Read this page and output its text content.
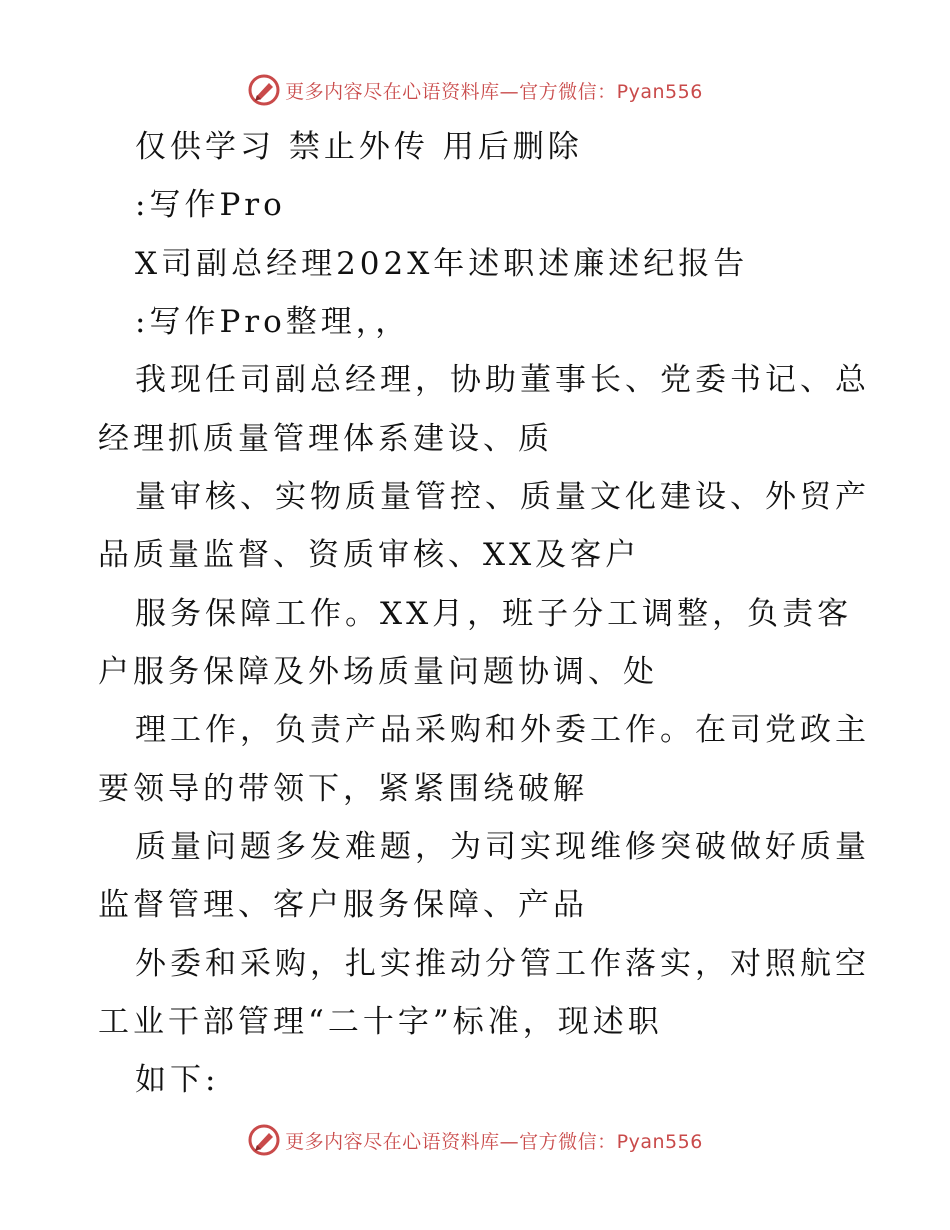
更多内容尽在心语资料库—官方微信：Pyan556
仅供学习 禁止外传 用后删除
:写作Pro
X司副总经理202X年述职述廉述纪报告
:写作Pro整理，，
我现任司副总经理，协助董事长、党委书记、总
经理抓质量管理体系建设、质
量审核、实物质量管控、质量文化建设、外贸产
品质量监督、资质审核、XX及客户
服务保障工作。XX月，班子分工调整，负责客
户服务保障及外场质量问题协调、处
理工作，负责产品采购和外委工作。在司党政主
要领导的带领下，紧紧围绕破解
质量问题多发难题，为司实现维修突破做好质量
监督管理、客户服务保障、产品
外委和采购，扎实推动分管工作落实，对照航空
工业干部管理“二十字”标准，现述职
如下:
更多内容尽在心语资料库—官方微信：Pyan556
